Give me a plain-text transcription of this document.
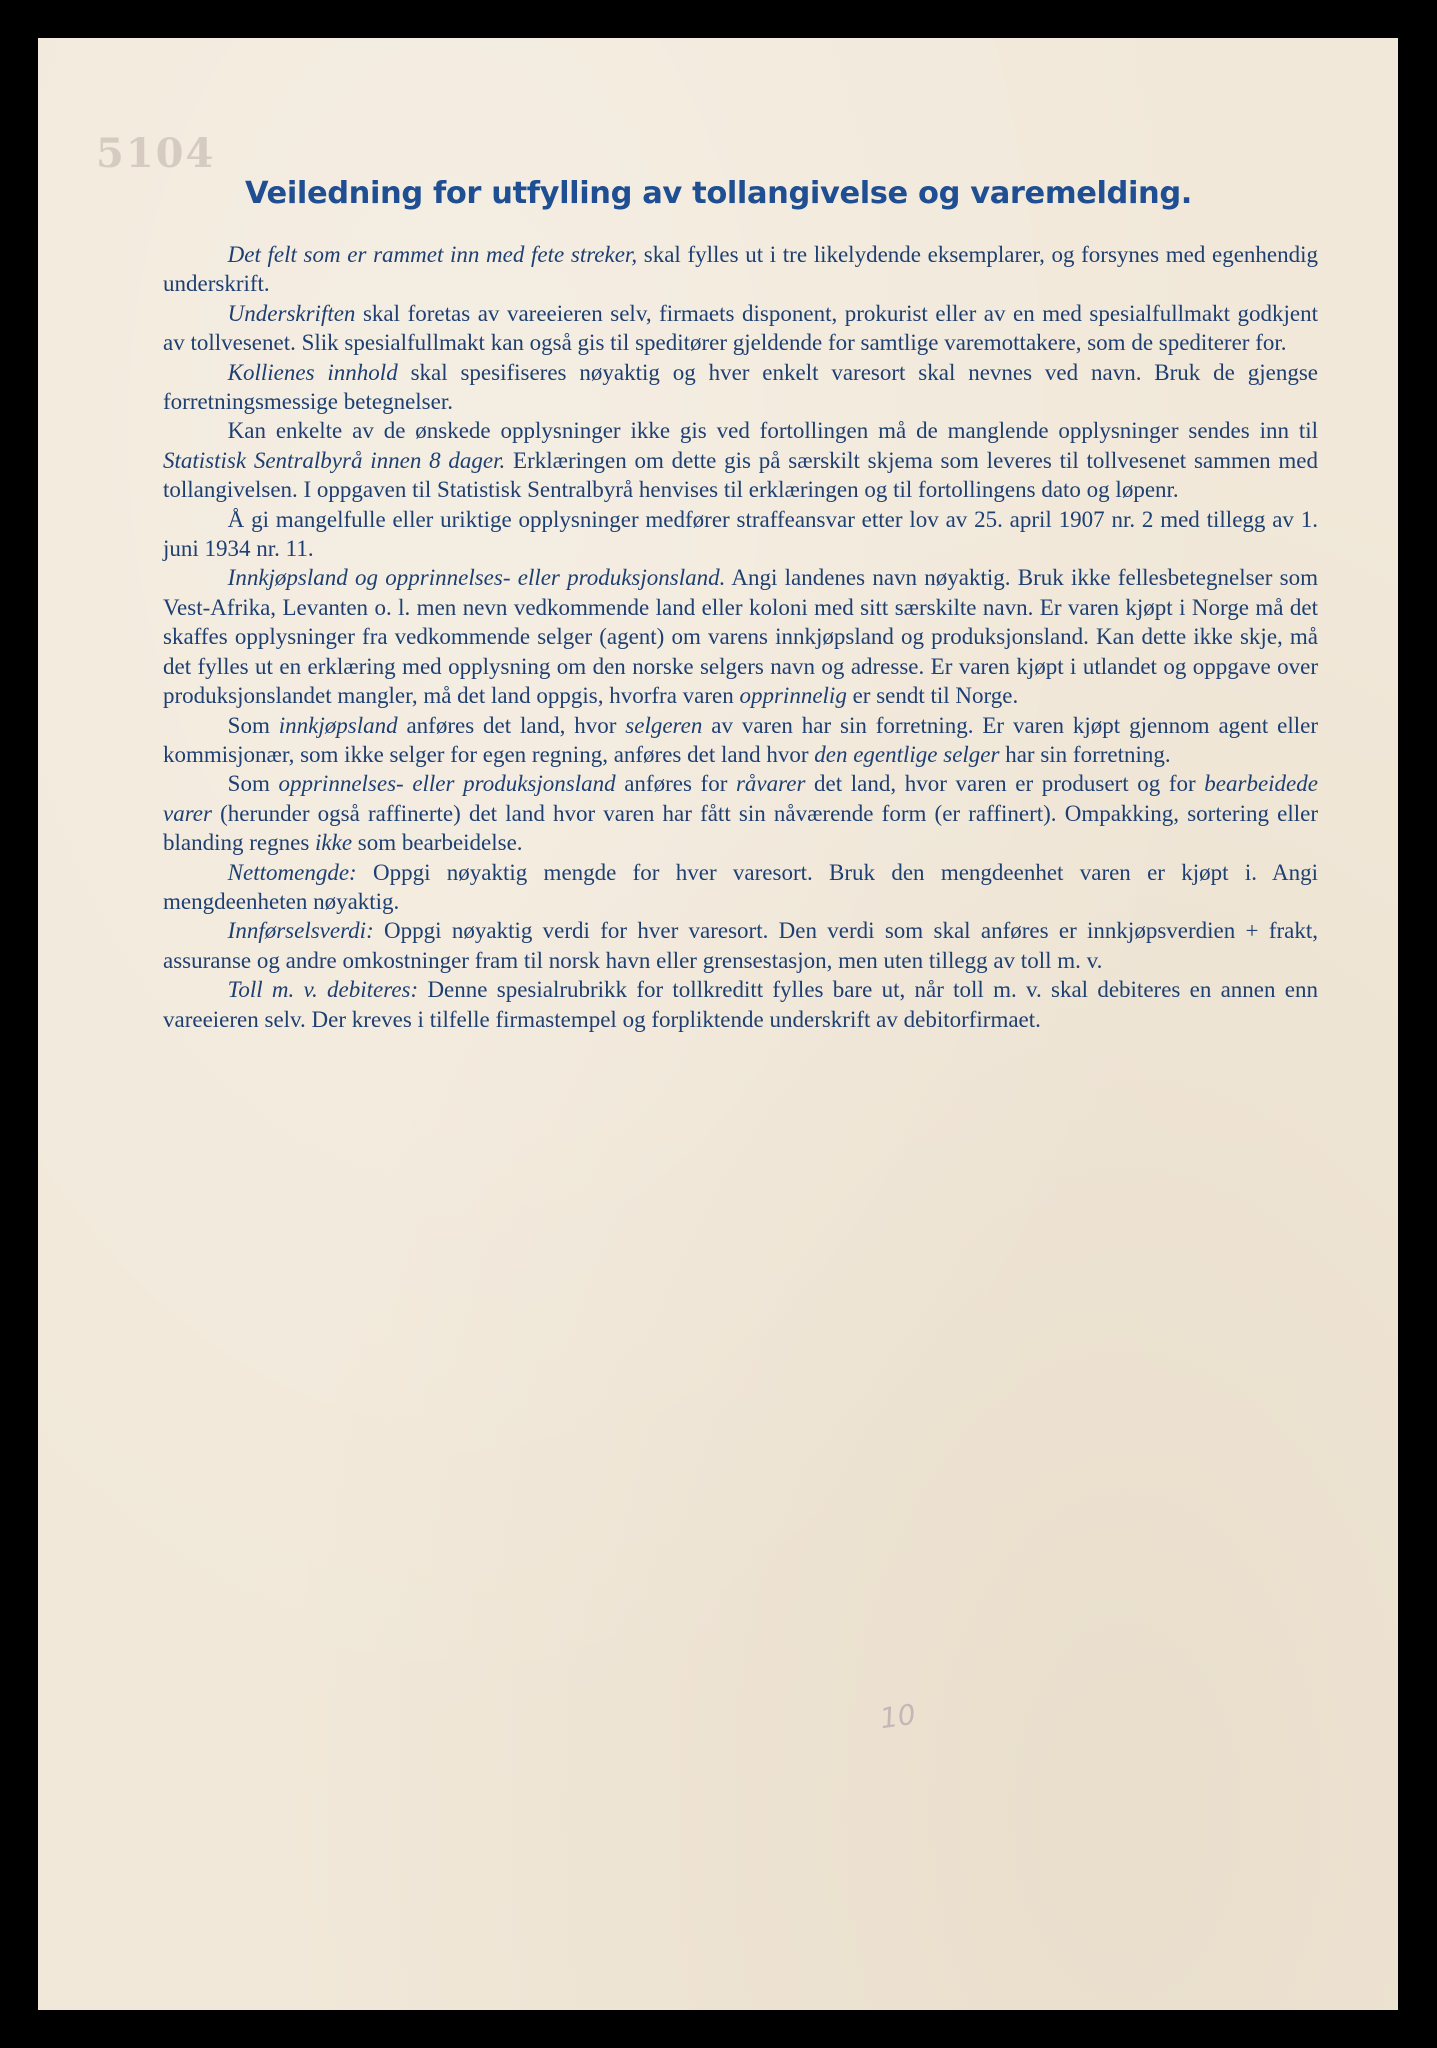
5104
10
Veiledning for utfylling av tollangivelse og varemelding.

Det felt som er rammet inn med fete streker, skal fylles ut i tre likelydende eksemplarer, og forsynes med egenhendig underskrift.

Underskriften skal foretas av vareeieren selv, firmaets disponent, prokurist eller av en med spesialfullmakt godkjent av tollvesenet. Slik spesialfullmakt kan også gis til speditører gjeldende for samtlige varemottakere, som de spediterer for.

Kollienes innhold skal spesifiseres nøyaktig og hver enkelt varesort skal nevnes ved navn. Bruk de gjengse forretningsmessige betegnelser.

Kan enkelte av de ønskede opplysninger ikke gis ved fortollingen må de manglende opplysninger sendes inn til Statistisk Sentralbyrå innen 8 dager. Erklæringen om dette gis på særskilt skjema som leveres til tollvesenet sammen med tollangivelsen. I oppgaven til Statistisk Sentralbyrå henvises til erklæringen og til fortollingens dato og løpenr.

Å gi mangelfulle eller uriktige opplysninger medfører straffeansvar etter lov av 25. april 1907 nr. 2 med tillegg av 1. juni 1934 nr. 11.

Innkjøpsland og opprinnelses- eller produksjonsland. Angi landenes navn nøyaktig. Bruk ikke fellesbetegnelser som Vest-Afrika, Levanten o. l. men nevn vedkommende land eller koloni med sitt særskilte navn. Er varen kjøpt i Norge må det skaffes opplysninger fra vedkommende selger (agent) om varens innkjøpsland og produksjonsland. Kan dette ikke skje, må det fylles ut en erklæring med opplysning om den norske selgers navn og adresse. Er varen kjøpt i utlandet og oppgave over produksjonslandet mangler, må det land oppgis, hvorfra varen opprinnelig er sendt til Norge.

Som innkjøpsland anføres det land, hvor selgeren av varen har sin forretning. Er varen kjøpt gjennom agent eller kommisjonær, som ikke selger for egen regning, anføres det land hvor den egentlige selger har sin forretning.

Som opprinnelses- eller produksjonsland anføres for råvarer det land, hvor varen er produsert og for bearbeidede varer (herunder også raffinerte) det land hvor varen har fått sin nåværende form (er raffinert). Ompakking, sortering eller blanding regnes ikke som bearbeidelse.

Nettomengde: Oppgi nøyaktig mengde for hver varesort. Bruk den mengdeenhet varen er kjøpt i. Angi mengdeenheten nøyaktig.

Innførselsverdi: Oppgi nøyaktig verdi for hver varesort. Den verdi som skal anføres er innkjøpsverdien + frakt, assuranse og andre omkostninger fram til norsk havn eller grensestasjon, men uten tillegg av toll m. v.

Toll m. v. debiteres: Denne spesialrubrikk for tollkreditt fylles bare ut, når toll m. v. skal debiteres en annen enn vareeieren selv. Der kreves i tilfelle firmastempel og forpliktende underskrift av debitorfirmaet.
